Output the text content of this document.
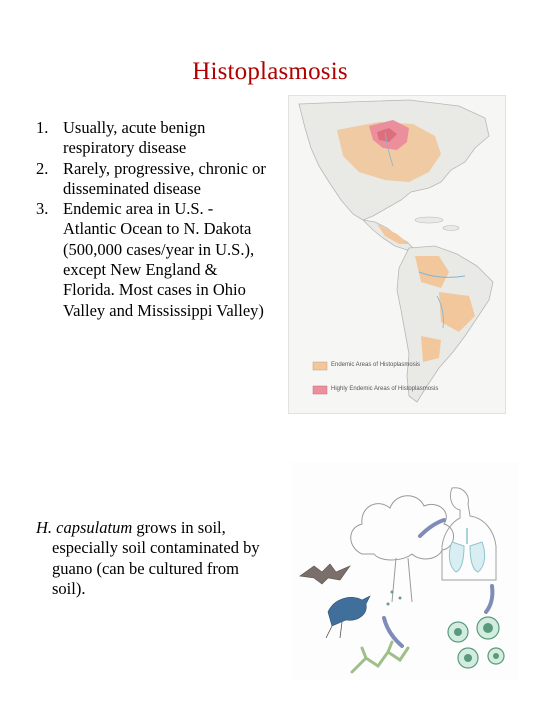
Histoplasmosis
1. Usually, acute benign respiratory disease
2. Rarely, progressive, chronic or disseminated disease
3. Endemic area in U.S. - Atlantic Ocean to N. Dakota (500,000 cases/year in U.S.), except New England & Florida. Most cases in Ohio Valley and Mississippi Valley)
H. capsulatum grows in soil,
especially soil contaminated by guano (can be cultured from soil).
Endemic Areas of Histoplasmosis
Highly Endemic Areas of Histoplasmosis
